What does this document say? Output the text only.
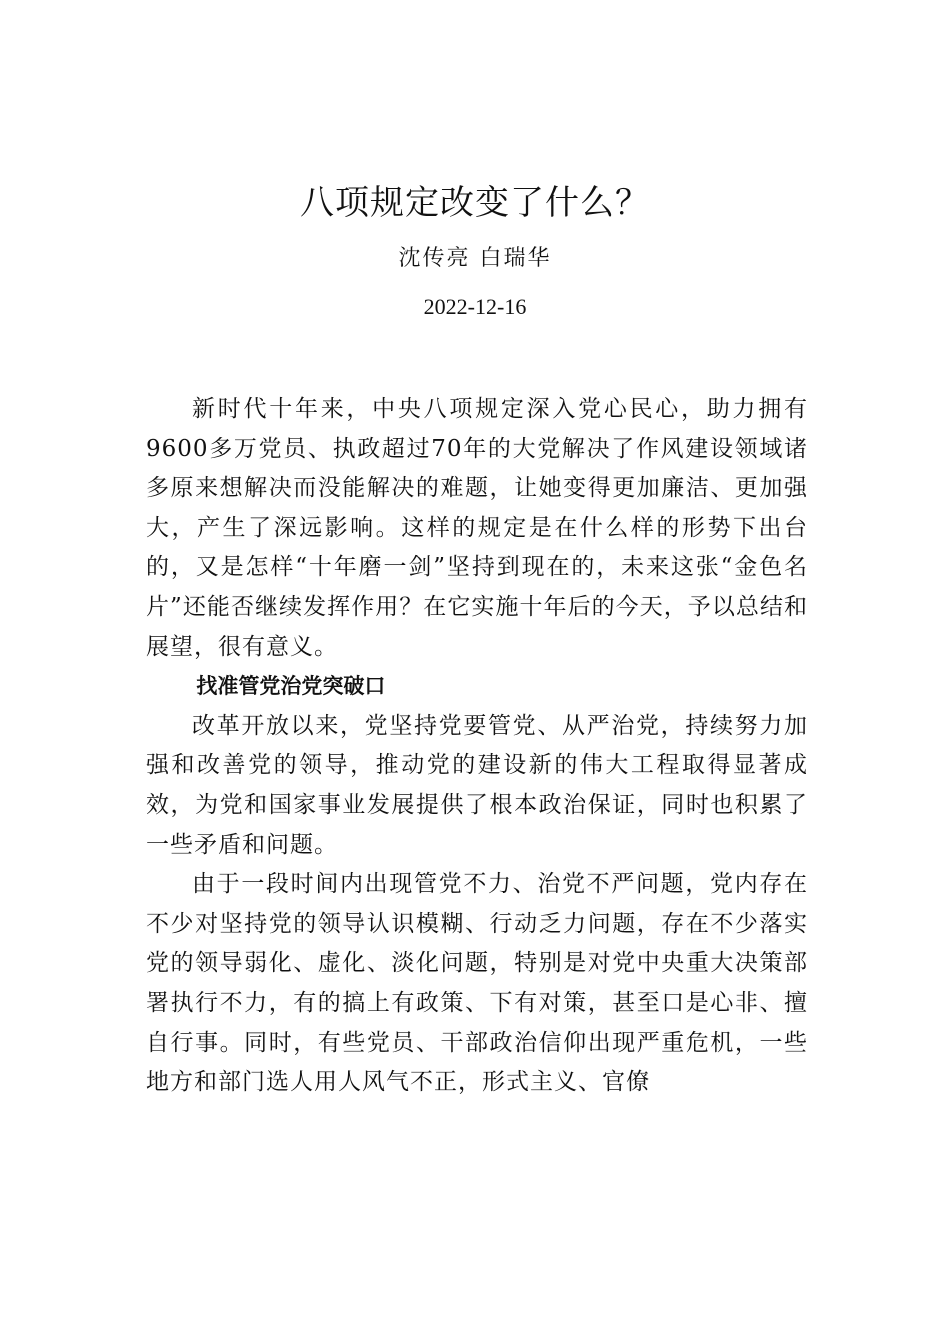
八项规定改变了什么？
沈传亮 白瑞华
2022-12-16

新时代十年来，中央八项规定深入党心民心，助力拥有9600多万党员、执政超过70年的大党解决了作风建设领域诸多原来想解决而没能解决的难题，让她变得更加廉洁、更加强大，产生了深远影响。这样的规定是在什么样的形势下出台的，又是怎样“十年磨一剑”坚持到现在的，未来这张“金色名片”还能否继续发挥作用？在它实施十年后的今天，予以总结和展望，很有意义。

找准管党治党突破口

改革开放以来，党坚持党要管党、从严治党，持续努力加强和改善党的领导，推动党的建设新的伟大工程取得显著成效，为党和国家事业发展提供了根本政治保证，同时也积累了一些矛盾和问题。

由于一段时间内出现管党不力、治党不严问题，党内存在不少对坚持党的领导认识模糊、行动乏力问题，存在不少落实党的领导弱化、虚化、淡化问题，特别是对党中央重大决策部署执行不力，有的搞上有政策、下有对策，甚至口是心非、擅自行事。同时，有些党员、干部政治信仰出现严重危机，一些地方和部门选人用人风气不正，形式主义、官僚
